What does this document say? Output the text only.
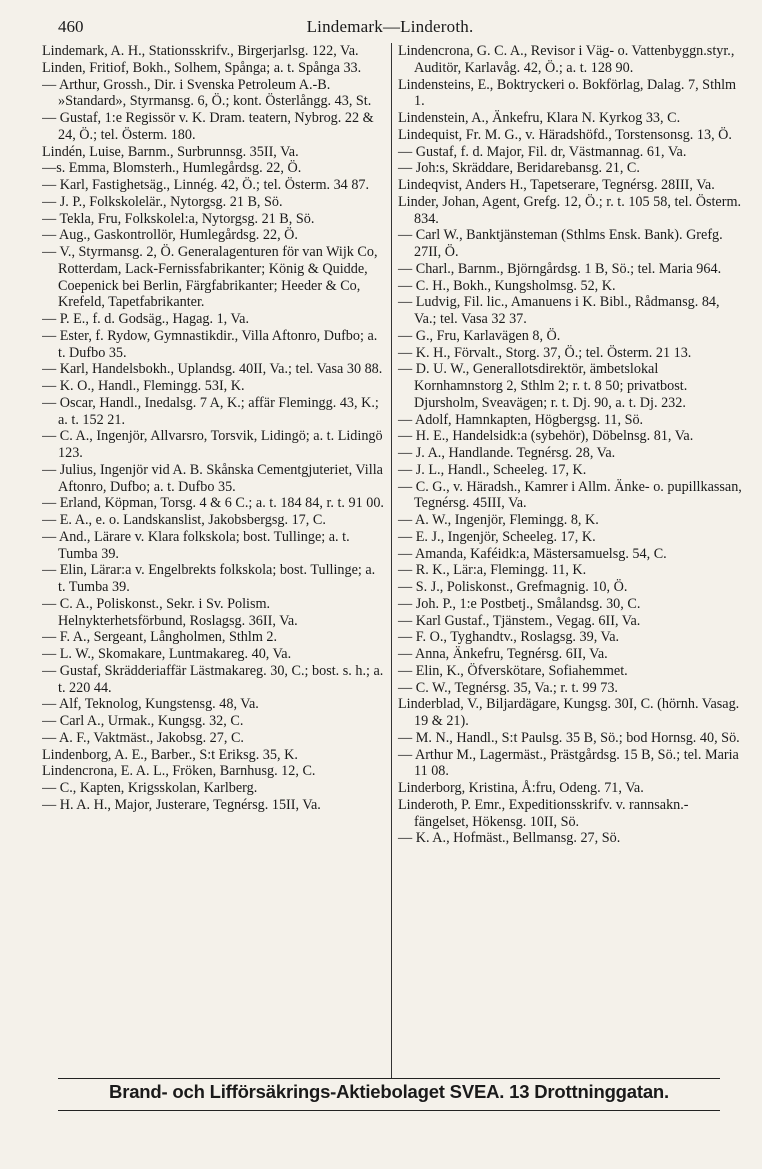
460	Lindemark—Linderoth.
Lindemark, A. H., Stationsskrifv., Birgerjarlsg. 122, Va.
Linden, Fritiof, Bokh., Solhem, Spånga; a. t. Spånga 33.
— Arthur, Grossh., Dir. i Svenska Petroleum A.-B. »Standard», Styrmansg. 6, Ö.; kont. Österlångg. 43, St.
— Gustaf, 1:e Regissör v. K. Dram. teatern, Nybrog. 22 & 24, Ö.; tel. Österm. 180.
Lindén, Luise, Barnm., Surbrunnsg. 35II, Va.
—s. Emma, Blomsterh., Humlegårdsg. 22, Ö.
— Karl, Fastighetsäg., Linnég. 42, Ö.; tel. Österm. 34 87.
— J. P., Folkskolelär., Nytorgsg. 21 B, Sö.
— Tekla, Fru, Folkskolel:a, Nytorgsg. 21 B, Sö.
— Aug., Gaskontrollör, Humlegårdsg. 22, Ö.
— V., Styrmansg. 2, Ö. Generalagenturen för van Wijk Co, Rotterdam, Lack-Fernissfabrikanter; König & Quidde, Coepenick bei Berlin, Färgfabrikanter; Heeder & Co, Krefeld, Tapetfabrikanter.
— P. E., f. d. Godsäg., Hagag. 1, Va.
— Ester, f. Rydow, Gymnastikdir., Villa Aftonro, Dufbo; a. t. Dufbo 35.
— Karl, Handelsbokh., Uplandsg. 40II, Va.; tel. Vasa 30 88.
— K. O., Handl., Flemingg. 53I, K.
— Oscar, Handl., Inedalsg. 7 A, K.; affär Flemingg. 43, K.; a. t. 152 21.
— C. A., Ingenjör, Allvarsro, Torsvik, Lidingö; a. t. Lidingö 123.
— Julius, Ingenjör vid A. B. Skånska Cementgjuteriet, Villa Aftonro, Dufbo; a. t. Dufbo 35.
— Erland, Köpman, Torsg. 4 & 6 C.; a. t. 184 84, r. t. 91 00.
— E. A., e. o. Landskanslist, Jakobsbergsg. 17, C.
— And., Lärare v. Klara folkskola; bost. Tullinge; a. t. Tumba 39.
— Elin, Lärar:a v. Engelbrekts folkskola; bost. Tullinge; a. t. Tumba 39.
— C. A., Poliskonst., Sekr. i Sv. Polism. Helnykterhetsförbund, Roslagsg. 36II, Va.
— F. A., Sergeant, Långholmen, Sthlm 2.
— L. W., Skomakare, Luntmakareg. 40, Va.
— Gustaf, Skrädderiaffär Lästmakareg. 30, C.; bost. s. h.; a. t. 220 44.
— Alf, Teknolog, Kungstensg. 48, Va.
— Carl A., Urmak., Kungsg. 32, C.
— A. F., Vaktmäst., Jakobsg. 27, C.
Lindenborg, A. E., Barber., S:t Eriksg. 35, K.
Lindencrona, E. A. L., Fröken, Barnhusg. 12, C.
— C., Kapten, Krigsskolan, Karlberg.
— H. A. H., Major, Justerare, Tegnérsg. 15II, Va.
Lindencrona, G. C. A., Revisor i Väg- o. Vattenbyggn.styr., Auditör, Karlavåg. 42, Ö.; a. t. 128 90.
Lindensteins, E., Boktryckeri o. Bokförlag, Dalag. 7, Sthlm 1.
Lindenstein, A., Änkefru, Klara N. Kyrkog 33, C.
Lindequist, Fr. M. G., v. Häradshöfd., Torstensonsg. 13, Ö.
— Gustaf, f. d. Major, Fil. dr, Västmannag. 61, Va.
— Joh:s, Skräddare, Beridarebansg. 21, C.
Lindeqvist, Anders H., Tapetserare, Tegnérsg. 28III, Va.
Linder, Johan, Agent, Grefg. 12, Ö.; r. t. 105 58, tel. Österm. 834.
— Carl W., Banktjänsteman (Sthlms Ensk. Bank). Grefg. 27II, Ö.
— Charl., Barnm., Björngårdsg. 1 B, Sö.; tel. Maria 964.
— C. H., Bokh., Kungsholmsg. 52, K.
— Ludvig, Fil. lic., Amanuens i K. Bibl., Rådmansg. 84, Va.; tel. Vasa 32 37.
— G., Fru, Karlavägen 8, Ö.
— K. H., Förvalt., Storg. 37, Ö.; tel. Österm. 21 13.
— D. U. W., Generallotsdirektör, ämbetslokal Kornhamnstorg 2, Sthlm 2; r. t. 8 50; privatbost. Djursholm, Sveavägen; r. t. Dj. 90, a. t. Dj. 232.
— Adolf, Hamnkapten, Högbergsg. 11, Sö.
— H. E., Handelsidk:a (sybehör), Döbelnsg. 81, Va.
— J. A., Handlande. Tegnérsg. 28, Va.
— J. L., Handl., Scheeleg. 17, K.
— C. G., v. Häradsh., Kamrer i Allm. Änke- o. pupillkassan, Tegnérsg. 45III, Va.
— A. W., Ingenjör, Flemingg. 8, K.
— E. J., Ingenjör, Scheeleg. 17, K.
— Amanda, Kaféidk:a, Mästersamuelsg. 54, C.
— R. K., Lär:a, Flemingg. 11, K.
— S. J., Poliskonst., Grefmagnig. 10, Ö.
— Joh. P., 1:e Postbetj., Smålandsg. 30, C.
— Karl Gustaf., Tjänstem., Vegag. 6II, Va.
— F. O., Tyghandtv., Roslagsg. 39, Va.
— Anna, Änkefru, Tegnérsg. 6II, Va.
— Elin, K., Öfverskötare, Sofiahemmet.
— C. W., Tegnérsg. 35, Va.; r. t. 99 73.
Linderblad, V., Biljardägare, Kungsg. 30I, C. (hörnh. Vasag. 19 & 21).
— M. N., Handl., S:t Paulsg. 35 B, Sö.; bod Hornsg. 40, Sö.
— Arthur M., Lagermäst., Prästgårdsg. 15 B, Sö.; tel. Maria 11 08.
Linderborg, Kristina, Å:fru, Odeng. 71, Va.
Linderoth, P. Emr., Expeditionsskrifv. v. rannsakn.-fängelset, Hökensg. 10II, Sö.
— K. A., Hofmäst., Bellmansg. 27, Sö.
Brand- och Lifförsäkrings-Aktiebolaget SVEA. 13 Drottninggatan.
